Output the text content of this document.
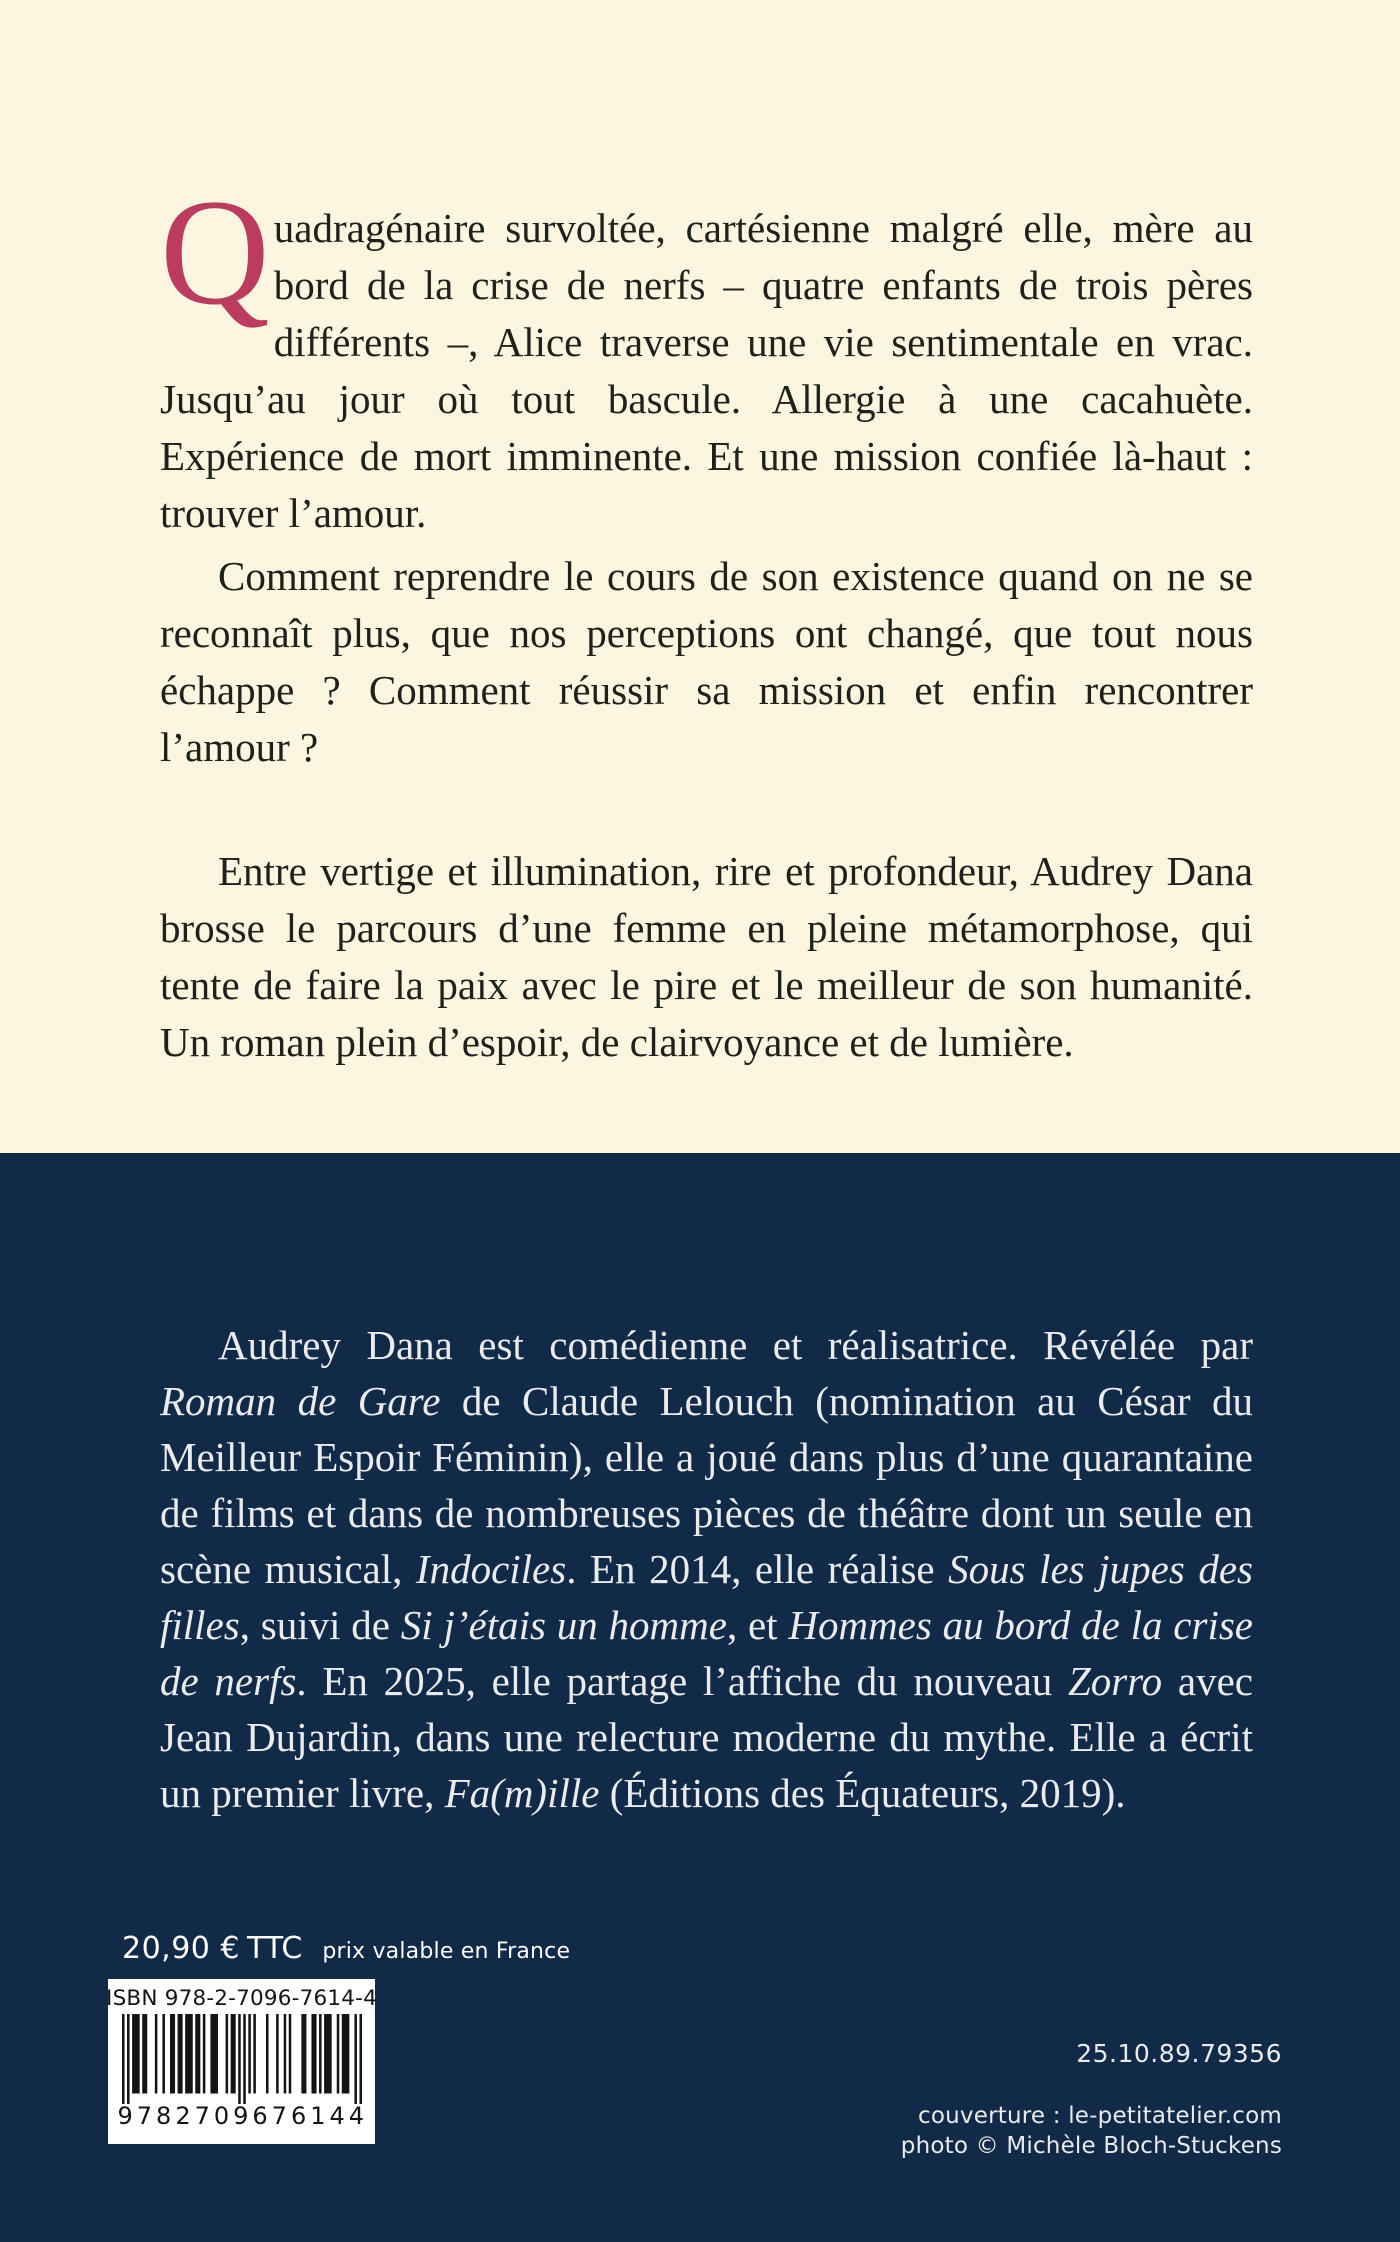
Quadragénaire survoltée, cartésienne malgré elle, mère au bord de la crise de nerfs – quatre enfants de trois pères différents –, Alice traverse une vie sentimentale en vrac. Jusqu’au jour où tout bascule. Allergie à une cacahuète. Expérience de mort imminente. Et une mission confiée là-haut : trouver l’amour.

Comment reprendre le cours de son existence quand on ne se reconnaît plus, que nos perceptions ont changé, que tout nous échappe ? Comment réussir sa mission et enfin rencontrer l’amour ?

Entre vertige et illumination, rire et profondeur, Audrey Dana brosse le parcours d’une femme en pleine métamorphose, qui tente de faire la paix avec le pire et le meilleur de son humanité. Un roman plein d’espoir, de clairvoyance et de lumière.

Audrey Dana est comédienne et réalisatrice. Révélée par Roman de Gare de Claude Lelouch (nomination au César du Meilleur Espoir Féminin), elle a joué dans plus d’une quarantaine de films et dans de nombreuses pièces de théâtre dont un seule en scène musical, Indociles. En 2014, elle réalise Sous les jupes des filles, suivi de Si j’étais un homme, et Hommes au bord de la crise de nerfs. En 2025, elle partage l’affiche du nouveau Zorro avec Jean Dujardin, dans une relecture moderne du mythe. Elle a écrit un premier livre, Fa(m)ille (Éditions des Équateurs, 2019).

20,90 € TTC prix valable en France
ISBN 978-2-7096-7614-4
9 782709 676144
25.10.89.79356
couverture : le-petitatelier.com
photo © Michèle Bloch-Stuckens
